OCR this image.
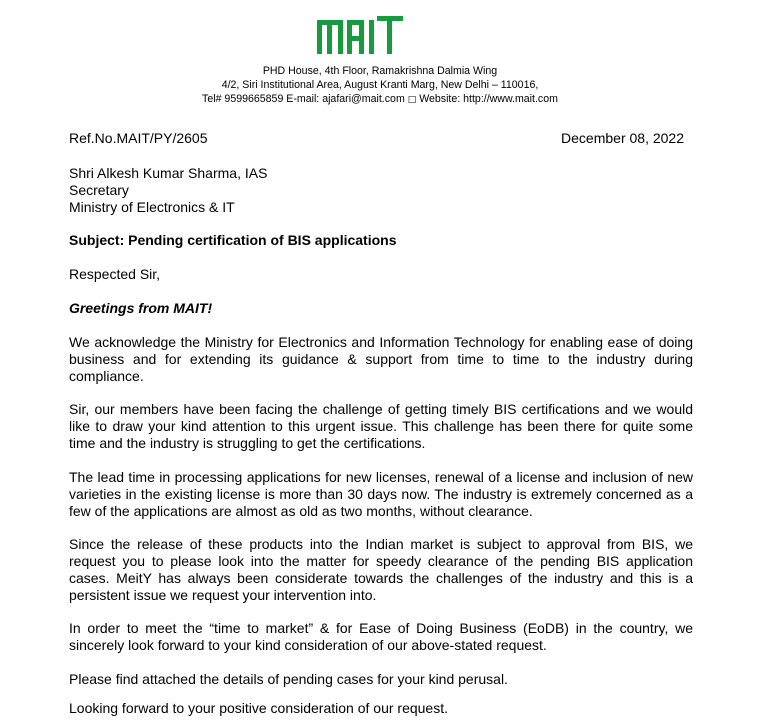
PHD House, 4th Floor, Ramakrishna Dalmia Wing
4/2, Siri Institutional Area, August Kranti Marg, New Delhi – 110016,
Tel# 9599665859 E-mail: ajafari@mait.com □ Website: http://www.mait.com
Ref.No.MAIT/PY/2605	December 08, 2022
Shri Alkesh Kumar Sharma, IAS
Secretary
Ministry of Electronics & IT
Subject: Pending certification of BIS applications
Respected Sir,
Greetings from MAIT!
We acknowledge the Ministry for Electronics and Information Technology for enabling ease of doing business and for extending its guidance & support from time to time to the industry during compliance.
Sir, our members have been facing the challenge of getting timely BIS certifications and we would like to draw your kind attention to this urgent issue. This challenge has been there for quite some time and the industry is struggling to get the certifications.
The lead time in processing applications for new licenses, renewal of a license and inclusion of new varieties in the existing license is more than 30 days now. The industry is extremely concerned as a few of the applications are almost as old as two months, without clearance.
Since the release of these products into the Indian market is subject to approval from BIS, we request you to please look into the matter for speedy clearance of the pending BIS application cases. MeitY has always been considerate towards the challenges of the industry and this is a persistent issue we request your intervention into.
In order to meet the “time to market” & for Ease of Doing Business (EoDB) in the country, we sincerely look forward to your kind consideration of our above-stated request.
Please find attached the details of pending cases for your kind perusal.
Looking forward to your positive consideration of our request.
